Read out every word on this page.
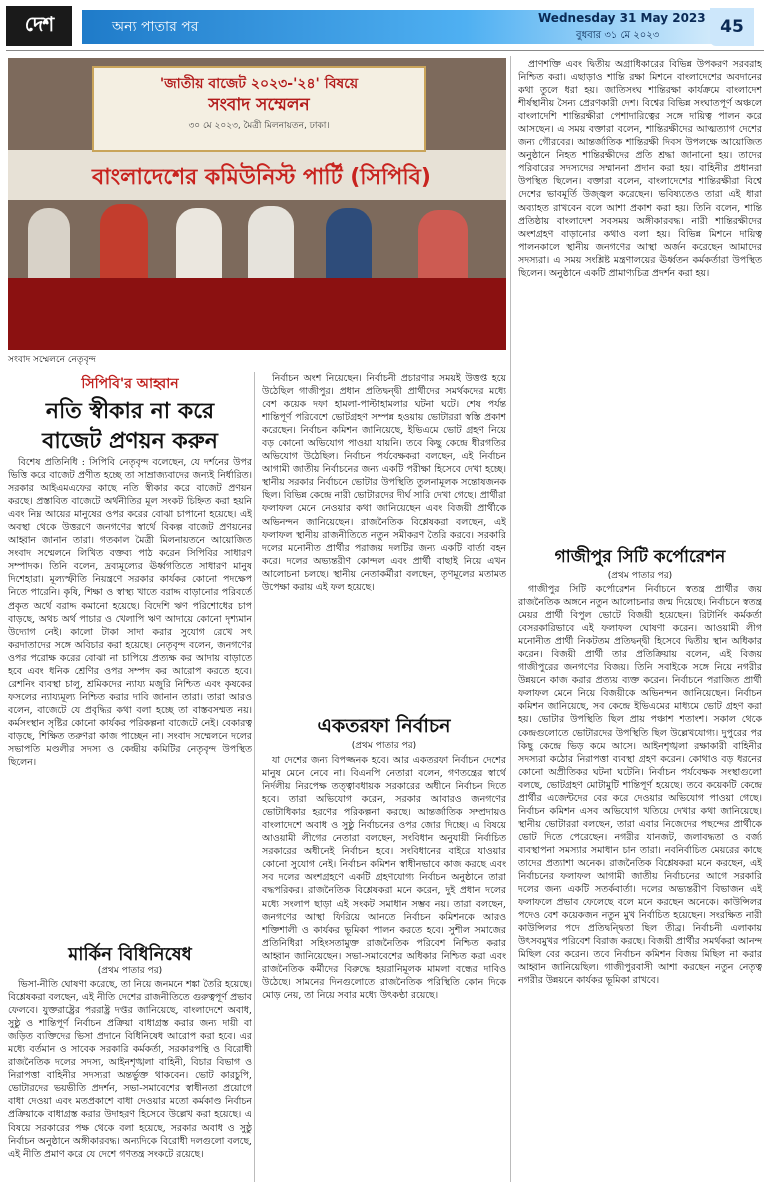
দেশ	অন্য পাতার পর
Wednesday 31 May 2023
বুধবার ৩১ মে ২০২৩	45
'জাতীয় বাজেট ২০২৩-'২৪' বিষয়ে
সংবাদ সম্মেলন
৩০ মে ২০২৩, মৈত্রী মিলনায়তন, ঢাকা।
বাংলাদেশের কমিউনিস্ট পার্টি (সিপিবি)
সংবাদ সম্মেলনে নেতৃবৃন্দ
সিপিবি'র আহ্বান
নতি স্বীকার না করে
বাজেট প্রণয়ন করুন

বিশেষ প্রতিনিধি : সিপিবি নেতৃবৃন্দ বলেছেন, যে দর্শনের উপর ভিত্তি করে বাজেট প্রণীত হচ্ছে তা সাম্রাজ্যবাদের জন্যই নির্ধারিত। সরকার আইএমএফের কাছে নতি স্বীকার করে বাজেট প্রণয়ন করছে। প্রস্তাবিত বাজেটে অর্থনীতির মূল সংকট চিহ্নিত করা হয়নি এবং নিম্ন আয়ের মানুষের ওপর করের বোঝা চাপানো হয়েছে। এই অবস্থা থেকে উত্তরণে জনগণের স্বার্থে বিকল্প বাজেট প্রণয়নের আহ্বান জানান তারা। গতকাল মৈত্রী মিলনায়তনে আয়োজিত সংবাদ সম্মেলনে লিখিত বক্তব্য পাঠ করেন সিপিবির সাধারণ সম্পাদক। তিনি বলেন, দ্রব্যমূল্যের ঊর্ধ্বগতিতে সাধারণ মানুষ দিশেহারা। মূল্যস্ফীতি নিয়ন্ত্রণে সরকার কার্যকর কোনো পদক্ষেপ নিতে পারেনি। কৃষি, শিক্ষা ও স্বাস্থ্য খাতে বরাদ্দ বাড়ানোর পরিবর্তে প্রকৃত অর্থে বরাদ্দ কমানো হয়েছে। বিদেশি ঋণ পরিশোধের চাপ বাড়ছে, অথচ অর্থ পাচার ও খেলাপি ঋণ আদায়ে কোনো দৃশ্যমান উদ্যোগ নেই। কালো টাকা সাদা করার সুযোগ রেখে সৎ করদাতাদের সঙ্গে অবিচার করা হয়েছে। নেতৃবৃন্দ বলেন, জনগণের ওপর পরোক্ষ করের বোঝা না চাপিয়ে প্রত্যক্ষ কর আদায় বাড়াতে হবে এবং ধনিক শ্রেণির ওপর সম্পদ কর আরোপ করতে হবে। রেশনিং ব্যবস্থা চালু, শ্রমিকদের ন্যায্য মজুরি নিশ্চিত এবং কৃষকের ফসলের ন্যায্যমূল্য নিশ্চিত করার দাবি জানান তারা। তারা আরও বলেন, বাজেটে যে প্রবৃদ্ধির কথা বলা হচ্ছে তা বাস্তবসম্মত নয়। কর্মসংস্থান সৃষ্টির কোনো কার্যকর পরিকল্পনা বাজেটে নেই। বেকারত্ব বাড়ছে, শিক্ষিত তরুণরা কাজ পাচ্ছেন না। সংবাদ সম্মেলনে দলের সভাপতি মণ্ডলীর সদস্য ও কেন্দ্রীয় কমিটির নেতৃবৃন্দ উপস্থিত ছিলেন।

মার্কিন বিধিনিষেধ
(প্রথম পাতার পর)

ভিসা-নীতি ঘোষণা করেছে, তা নিয়ে জনমনে শঙ্কা তৈরি হয়েছে। বিশ্লেষকরা বলছেন, এই নীতি দেশের রাজনীতিতে গুরুত্বপূর্ণ প্রভাব ফেলবে। যুক্তরাষ্ট্রের পররাষ্ট্র দপ্তর জানিয়েছে, বাংলাদেশে অবাধ, সুষ্ঠু ও শান্তিপূর্ণ নির্বাচন প্রক্রিয়া বাধাগ্রস্ত করার জন্য দায়ী বা জড়িত ব্যক্তিদের ভিসা প্রদানে বিধিনিষেধ আরোপ করা হবে। এর মধ্যে বর্তমান ও সাবেক সরকারি কর্মকর্তা, সরকারপন্থি ও বিরোধী রাজনৈতিক দলের সদস্য, আইনশৃঙ্খলা বাহিনী, বিচার বিভাগ ও নিরাপত্তা বাহিনীর সদস্যরা অন্তর্ভুক্ত থাকবেন। ভোট কারচুপি, ভোটারদের ভয়ভীতি প্রদর্শন, সভা-সমাবেশের স্বাধীনতা প্রয়োগে বাধা দেওয়া এবং মতপ্রকাশে বাধা দেওয়ার মতো কর্মকাণ্ড নির্বাচন প্রক্রিয়াকে বাধাগ্রস্ত করার উদাহরণ হিসেবে উল্লেখ করা হয়েছে। এ বিষয়ে সরকারের পক্ষ থেকে বলা হয়েছে, সরকার অবাধ ও সুষ্ঠু নির্বাচন অনুষ্ঠানে অঙ্গীকারবদ্ধ। অন্যদিকে বিরোধী দলগুলো বলছে, এই নীতি প্রমাণ করে যে দেশে গণতন্ত্র সংকটে রয়েছে।

নির্বাচন অংশ নিয়েছেন। নির্বাচনী প্রচারণার সময়ই উত্তপ্ত হয়ে উঠেছিল গাজীপুর। প্রধান প্রতিদ্বন্দ্বী প্রার্থীদের সমর্থকদের মধ্যে বেশ কয়েক দফা হামলা-পাল্টাহামলার ঘটনা ঘটে। শেষ পর্যন্ত শান্তিপূর্ণ পরিবেশে ভোটগ্রহণ সম্পন্ন হওয়ায় ভোটাররা স্বস্তি প্রকাশ করেছেন। নির্বাচন কমিশন জানিয়েছে, ইভিএমে ভোট গ্রহণ নিয়ে বড় কোনো অভিযোগ পাওয়া যায়নি। তবে কিছু কেন্দ্রে ধীরগতির অভিযোগ উঠেছিল। নির্বাচন পর্যবেক্ষকরা বলছেন, এই নির্বাচন আগামী জাতীয় নির্বাচনের জন্য একটি পরীক্ষা হিসেবে দেখা হচ্ছে। স্থানীয় সরকার নির্বাচনে ভোটার উপস্থিতি তুলনামূলক সন্তোষজনক ছিল। বিভিন্ন কেন্দ্রে নারী ভোটারদের দীর্ঘ সারি দেখা গেছে। প্রার্থীরা ফলাফল মেনে নেওয়ার কথা জানিয়েছেন এবং বিজয়ী প্রার্থীকে অভিনন্দন জানিয়েছেন। রাজনৈতিক বিশ্লেষকরা বলছেন, এই ফলাফল স্থানীয় রাজনীতিতে নতুন সমীকরণ তৈরি করবে। সরকারি দলের মনোনীত প্রার্থীর পরাজয় দলটির জন্য একটি বার্তা বহন করে। দলের অভ্যন্তরীণ কোন্দল এবং প্রার্থী বাছাই নিয়ে এখন আলোচনা চলছে। স্থানীয় নেতাকর্মীরা বলছেন, তৃণমূলের মতামত উপেক্ষা করায় এই ফল হয়েছে।

একতরফা নির্বাচন
(প্রথম পাতার পর)

যা দেশের জন্য বিপজ্জনক হবে। আর একতরফা নির্বাচন দেশের মানুষ মেনে নেবে না। বিএনপি নেতারা বলেন, গণতন্ত্রের স্বার্থে নির্দলীয় নিরপেক্ষ তত্ত্বাবধায়ক সরকারের অধীনে নির্বাচন দিতে হবে। তারা অভিযোগ করেন, সরকার আবারও জনগণের ভোটাধিকার হরণের পরিকল্পনা করছে। আন্তর্জাতিক সম্প্রদায়ও বাংলাদেশে অবাধ ও সুষ্ঠু নির্বাচনের ওপর জোর দিচ্ছে। এ বিষয়ে আওয়ামী লীগের নেতারা বলছেন, সংবিধান অনুযায়ী নির্বাচিত সরকারের অধীনেই নির্বাচন হবে। সংবিধানের বাইরে যাওয়ার কোনো সুযোগ নেই। নির্বাচন কমিশন স্বাধীনভাবে কাজ করছে এবং সব দলের অংশগ্রহণে একটি গ্রহণযোগ্য নির্বাচন অনুষ্ঠানে তারা বদ্ধপরিকর। রাজনৈতিক বিশ্লেষকরা মনে করেন, দুই প্রধান দলের মধ্যে সংলাপ ছাড়া এই সংকট সমাধান সম্ভব নয়। তারা বলছেন, জনগণের আস্থা ফিরিয়ে আনতে নির্বাচন কমিশনকে আরও শক্তিশালী ও কার্যকর ভূমিকা পালন করতে হবে। সুশীল সমাজের প্রতিনিধিরা সহিংসতামুক্ত রাজনৈতিক পরিবেশ নিশ্চিত করার আহ্বান জানিয়েছেন। সভা-সমাবেশের অধিকার নিশ্চিত করা এবং রাজনৈতিক কর্মীদের বিরুদ্ধে হয়রানিমূলক মামলা বন্ধের দাবিও উঠেছে। সামনের দিনগুলোতে রাজনৈতিক পরিস্থিতি কোন দিকে মোড় নেয়, তা নিয়ে সবার মধ্যে উৎকণ্ঠা রয়েছে।

প্রাণশক্তি এবং দ্বিতীয় অগ্রাধিকারের বিভিন্ন উপকরণ সরবরাহ নিশ্চিত করা। এছাড়াও শান্তি রক্ষা মিশনে বাংলাদেশের অবদানের কথা তুলে ধরা হয়। জাতিসংঘ শান্তিরক্ষা কার্যক্রমে বাংলাদেশ শীর্ষস্থানীয় সৈন্য প্রেরণকারী দেশ। বিশ্বের বিভিন্ন সংঘাতপূর্ণ অঞ্চলে বাংলাদেশি শান্তিরক্ষীরা পেশাদারিত্বের সঙ্গে দায়িত্ব পালন করে আসছেন। এ সময় বক্তারা বলেন, শান্তিরক্ষীদের আত্মত্যাগ দেশের জন্য গৌরবের। আন্তর্জাতিক শান্তিরক্ষী দিবস উপলক্ষে আয়োজিত অনুষ্ঠানে নিহত শান্তিরক্ষীদের প্রতি শ্রদ্ধা জানানো হয়। তাদের পরিবারের সদস্যদের সম্মাননা প্রদান করা হয়। বাহিনীর প্রধানরা উপস্থিত ছিলেন। বক্তারা বলেন, বাংলাদেশের শান্তিরক্ষীরা বিশ্বে দেশের ভাবমূর্তি উজ্জ্বল করেছেন। ভবিষ্যতেও তারা এই ধারা অব্যাহত রাখবেন বলে আশা প্রকাশ করা হয়। তিনি বলেন, শান্তি প্রতিষ্ঠায় বাংলাদেশ সবসময় অঙ্গীকারবদ্ধ। নারী শান্তিরক্ষীদের অংশগ্রহণ বাড়ানোর কথাও বলা হয়। বিভিন্ন মিশনে দায়িত্ব পালনকালে স্থানীয় জনগণের আস্থা অর্জন করেছেন আমাদের সদস্যরা। এ সময় সংশ্লিষ্ট মন্ত্রণালয়ের ঊর্ধ্বতন কর্মকর্তারা উপস্থিত ছিলেন। অনুষ্ঠানে একটি প্রামাণ্যচিত্র প্রদর্শন করা হয়।

গাজীপুর সিটি কর্পোরেশন
(প্রথম পাতার পর)

গাজীপুর সিটি কর্পোরেশন নির্বাচনে স্বতন্ত্র প্রার্থীর জয় রাজনৈতিক অঙ্গনে নতুন আলোচনার জন্ম দিয়েছে। নির্বাচনে স্বতন্ত্র মেয়র প্রার্থী বিপুল ভোটে বিজয়ী হয়েছেন। রিটার্নিং কর্মকর্তা বেসরকারিভাবে এই ফলাফল ঘোষণা করেন। আওয়ামী লীগ মনোনীত প্রার্থী নিকটতম প্রতিদ্বন্দ্বী হিসেবে দ্বিতীয় স্থান অধিকার করেন। বিজয়ী প্রার্থী তার প্রতিক্রিয়ায় বলেন, এই বিজয় গাজীপুরের জনগণের বিজয়। তিনি সবাইকে সঙ্গে নিয়ে নগরীর উন্নয়নে কাজ করার প্রত্যয় ব্যক্ত করেন। নির্বাচনে পরাজিত প্রার্থী ফলাফল মেনে নিয়ে বিজয়ীকে অভিনন্দন জানিয়েছেন। নির্বাচন কমিশন জানিয়েছে, সব কেন্দ্রে ইভিএমের মাধ্যমে ভোট গ্রহণ করা হয়। ভোটার উপস্থিতি ছিল প্রায় পঞ্চাশ শতাংশ। সকাল থেকে কেন্দ্রগুলোতে ভোটারদের উপস্থিতি ছিল উল্লেখযোগ্য। দুপুরের পর কিছু কেন্দ্রে ভিড় কমে আসে। আইনশৃঙ্খলা রক্ষাকারী বাহিনীর সদস্যরা কঠোর নিরাপত্তা ব্যবস্থা গ্রহণ করেন। কোথাও বড় ধরনের কোনো অপ্রীতিকর ঘটনা ঘটেনি। নির্বাচন পর্যবেক্ষক সংস্থাগুলো বলছে, ভোটগ্রহণ মোটামুটি শান্তিপূর্ণ হয়েছে। তবে কয়েকটি কেন্দ্রে প্রার্থীর এজেন্টদের বের করে দেওয়ার অভিযোগ পাওয়া গেছে। নির্বাচন কমিশন এসব অভিযোগ খতিয়ে দেখার কথা জানিয়েছে। স্থানীয় ভোটাররা বলছেন, তারা এবার নিজেদের পছন্দের প্রার্থীকে ভোট দিতে পেরেছেন। নগরীর যানজট, জলাবদ্ধতা ও বর্জ্য ব্যবস্থাপনা সমস্যার সমাধান চান তারা। নবনির্বাচিত মেয়রের কাছে তাদের প্রত্যাশা অনেক। রাজনৈতিক বিশ্লেষকরা মনে করছেন, এই নির্বাচনের ফলাফল আগামী জাতীয় নির্বাচনের আগে সরকারি দলের জন্য একটি সতর্কবার্তা। দলের অভ্যন্তরীণ বিভাজন এই ফলাফলে প্রভাব ফেলেছে বলে মনে করছেন অনেকে। কাউন্সিলর পদেও বেশ কয়েকজন নতুন মুখ নির্বাচিত হয়েছেন। সংরক্ষিত নারী কাউন্সিলর পদে প্রতিদ্বন্দ্বিতা ছিল তীব্র। নির্বাচনী এলাকায় উৎসবমুখর পরিবেশ বিরাজ করছে। বিজয়ী প্রার্থীর সমর্থকরা আনন্দ মিছিল বের করেন। তবে নির্বাচন কমিশন বিজয় মিছিল না করার আহ্বান জানিয়েছিল। গাজীপুরবাসী আশা করছেন নতুন নেতৃত্ব নগরীর উন্নয়নে কার্যকর ভূমিকা রাখবে।
